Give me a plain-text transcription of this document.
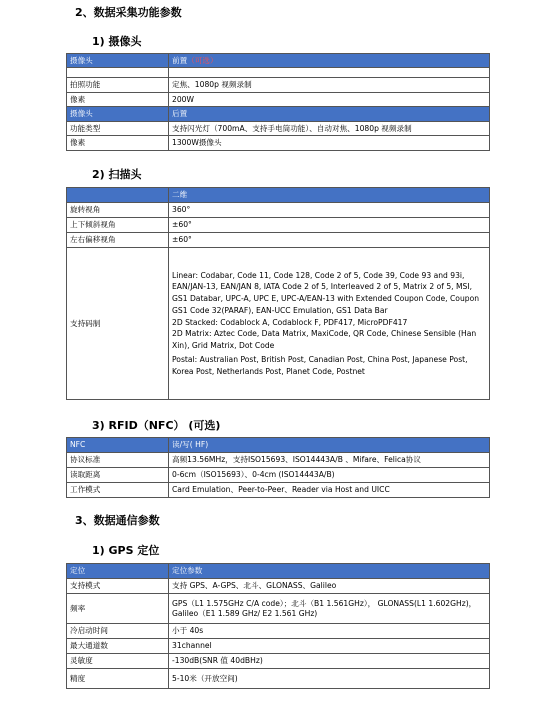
2、数据采集功能参数
1) 摄像头
摄像头	前置（可选）

拍照功能	定焦、1080p 视频录制
像素	200W
摄像头	后置
功能类型	支持闪光灯（700mA、支持手电筒功能）、自动对焦、1080p 视频录制
像素	1300W摄像头
2) 扫描头
	二维
旋转视角	360°
上下倾斜视角	±60°
左右偏移视角	±60°
支持码制	Linear: Codabar, Code 11, Code 128, Code 2 of 5, Code 39, Code 93 and 93i, EAN/JAN-13, EAN/JAN 8, IATA Code 2 of 5, Interleaved 2 of 5, Matrix 2 of 5, MSI, GS1 Databar, UPC-A, UPC E, UPC-A/EAN-13 with Extended Coupon Code, Coupon GS1 Code 32(PARAF), EAN-UCC Emulation, GS1 Data Bar
2D Stacked: Codablock A, Codablock F, PDF417, MicroPDF417
2D Matrix: Aztec Code, Data Matrix, MaxiCode, QR Code, Chinese Sensible (Han Xin), Grid Matrix, Dot Code
Postal: Australian Post, British Post, Canadian Post, China Post, Japanese Post, Korea Post, Netherlands Post, Planet Code, Postnet
3) RFID（NFC） (可选)
NFC	读/写( HF)
协议标准	高频13.56MHz，支持ISO15693、ISO14443A/B 、Mifare、Felica协议
读取距离	0-6cm（ISO15693）、0-4cm (ISO14443A/B)
工作模式	Card Emulation、Peer-to-Peer、Reader via Host and UICC
3、数据通信参数
1) GPS 定位
定位	定位参数
支持模式	支持 GPS、A-GPS、北斗、GLONASS、Galileo
频率	GPS（L1 1.575GHz C/A code）；北斗（B1 1.561GHz）， GLONASS(L1 1.602GHz)，Galileo（E1 1.589 GHz/ E2 1.561 GHz)
冷启动时间	小于 40s
最大通道数	31channel
灵敏度	-130dB(SNR 值 40dBHz)
精度	5-10米（开放空间)
